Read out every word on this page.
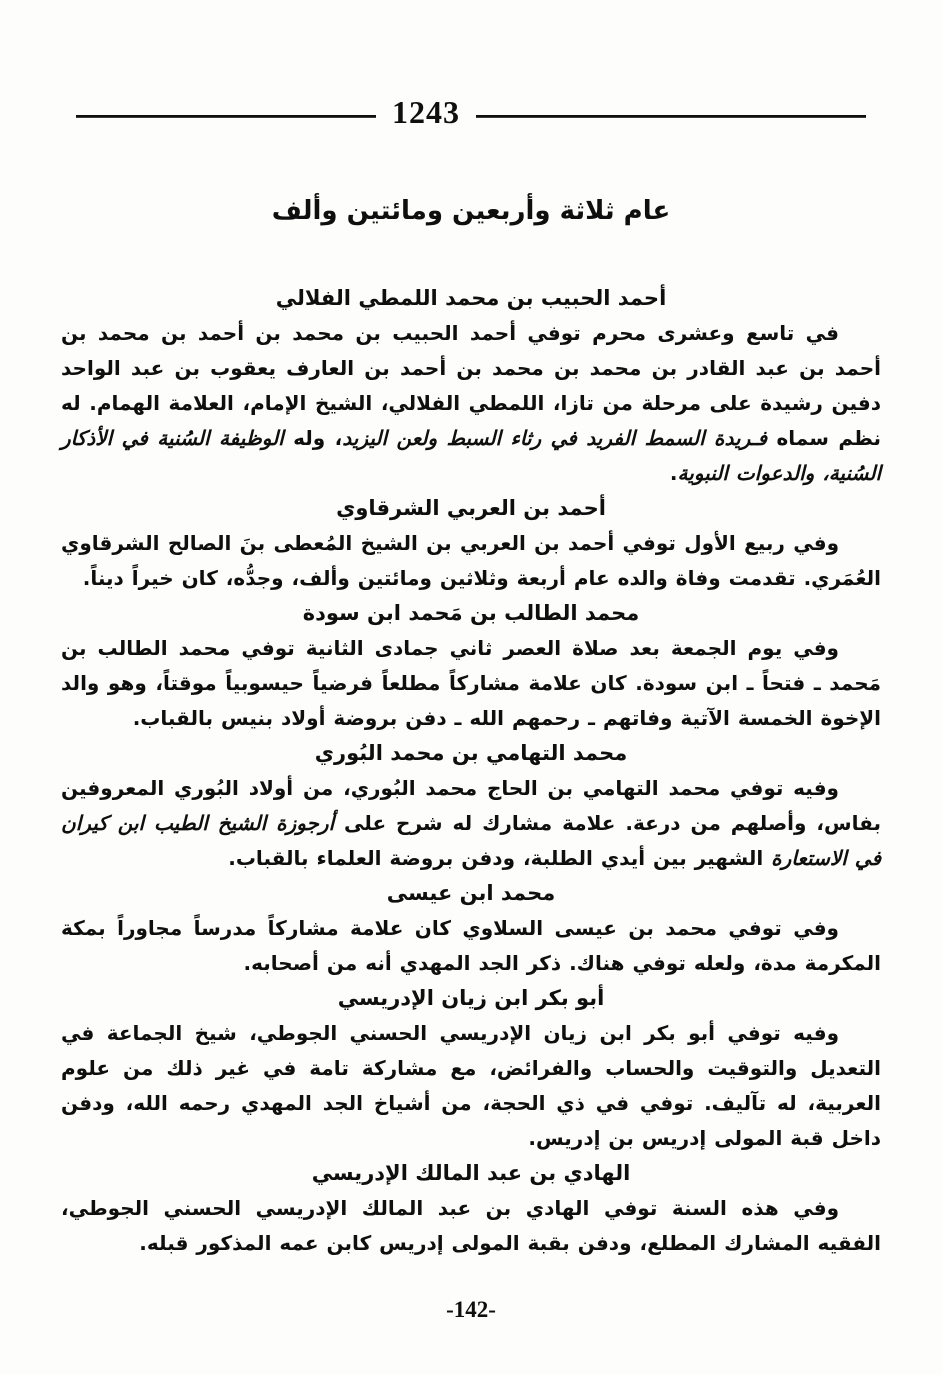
1243
عام ثلاثة وأربعين ومائتين وألف
أحمد الحبيب بن محمد اللمطي الفلالي

في تاسع وعشرى محرم توفي أحمد الحبيب بن محمد بن أحمد بن محمد بن أحمد بن عبد القادر بن محمد بن محمد بن أحمد بن العارف يعقوب بن عبد الواحد دفين رشيدة على مرحلة من تازا، اللمطي الفلالي، الشيخ الإمام، العلامة الهمام. له نظم سماه فـريدة السمط الفريد في رثاء السبط ولعن اليزيد، وله الوظيفة السُنية في الأذكار السُنية، والدعوات النبوية.

أحمد بن العربي الشرقاوي

وفي ربيع الأول توفي أحمد بن العربي بن الشيخ المُعطى بنَ الصالح الشرقاوي العُمَري. تقدمت وفاة والده عام أربعة وثلاثين ومائتين وألف، وجدُّه، كان خيراً ديناً.

محمد الطالب بن مَحمد ابن سودة

وفي يوم الجمعة بعد صلاة العصر ثاني جمادى الثانية توفي محمد الطالب بن مَحمد ـ فتحاً ـ ابن سودة. كان علامة مشاركاً مطلعاً فرضياً حيسوبياً موقتاً، وهو والد الإخوة الخمسة الآتية وفاتهم ـ رحمهم الله ـ دفن بروضة أولاد بنيس بالقباب.

محمد التهامي بن محمد البُوري

وفيه توفي محمد التهامي بن الحاج محمد البُوري، من أولاد البُوري المعروفين بفاس، وأصلهم من درعة. علامة مشارك له شرح على أرجوزة الشيخ الطيب ابن كيران في الاستعارة الشهير بين أيدي الطلبة، ودفن بروضة العلماء بالقباب.

محمد ابن عيسى

وفي توفي محمد بن عيسى السلاوي كان علامة مشاركاً مدرساً مجاوراً بمكة المكرمة مدة، ولعله توفي هناك. ذكر الجد المهدي أنه من أصحابه.

أبو بكر ابن زيان الإدريسي

وفيه توفي أبو بكر ابن زيان الإدريسي الحسني الجوطي، شيخ الجماعة في التعديل والتوقيت والحساب والفرائض، مع مشاركة تامة في غير ذلك من علوم العربية، له تآليف. توفي في ذي الحجة، من أشياخ الجد المهدي رحمه الله، ودفن داخل قبة المولى إدريس بن إدريس.

الهادي بن عبد المالك الإدريسي

وفي هذه السنة توفي الهادي بن عبد المالك الإدريسي الحسني الجوطي، الفقيه المشارك المطلع، ودفن بقبة المولى إدريس كابن عمه المذكور قبله.

-142-
